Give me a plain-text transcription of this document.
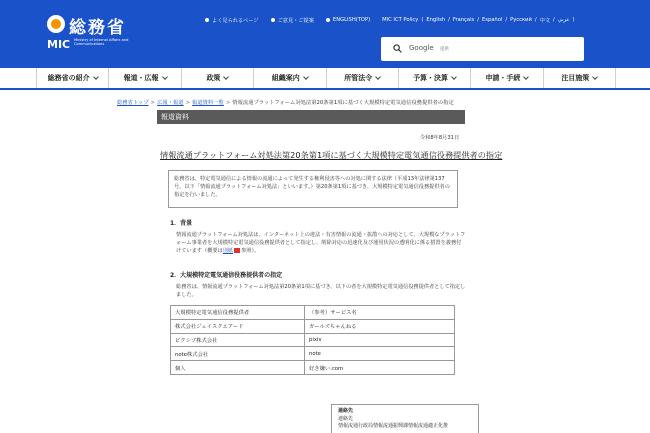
総務省
MIC Ministry of Internal Affairs and Communications
よく見られるページ	ご意見・ご提案	ENGLISH(TOP) MIC ICT Policy ( English / Français / Español / Русский / 中文 / عربي )
Google 提供
総務省の紹介	報道・広報	政策	組織案内	所管法令	予算・決算	申請・手続	注目施策
総務省トップ > 広報・報道 > 報道資料一覧 > 情報流通プラットフォーム対処法第20条第1項に基づく大規模特定電気通信役務提供者の指定
報道資料
令和8年8月31日
情報流通プラットフォーム対処法第20条第1項に基づく大規模特定電気通信役務提供者の指定
総務省は、特定電気通信による情報の流通によって発生する権利侵害等への対処に関する法律（平成13年法律第137号。以下「情報流通プラットフォーム対処法」といいます。）第20条第1項に基づき、大規模特定電気通信役務提供者の指定を行いました。
1．背景
情報流通プラットフォーム対処法は、インターネット上の違法・有害情報の流通・拡散への対応として、大規模なプラットフォーム事業者を大規模特定電気通信役務提供者として指定し、削除対応の迅速化及び運用状況の透明化に係る措置を義務付けています（概要は別紙 参照）。
2．大規模特定電気通信役務提供者の指定
総務省は、情報流通プラットフォーム対処法第20条第1項に基づき、以下の者を大規模特定電気通信役務提供者として指定しました。
大規模特定電気通信役務提供者	（参考）サービス名
株式会社ジェイスクエアード	ガールズちゃんねる
ピクシブ株式会社	pixiv
note株式会社	note
個人	好き嫌い.com
連絡先
連絡先
情報流通行政局情報流通振興課情報流通適正化推
